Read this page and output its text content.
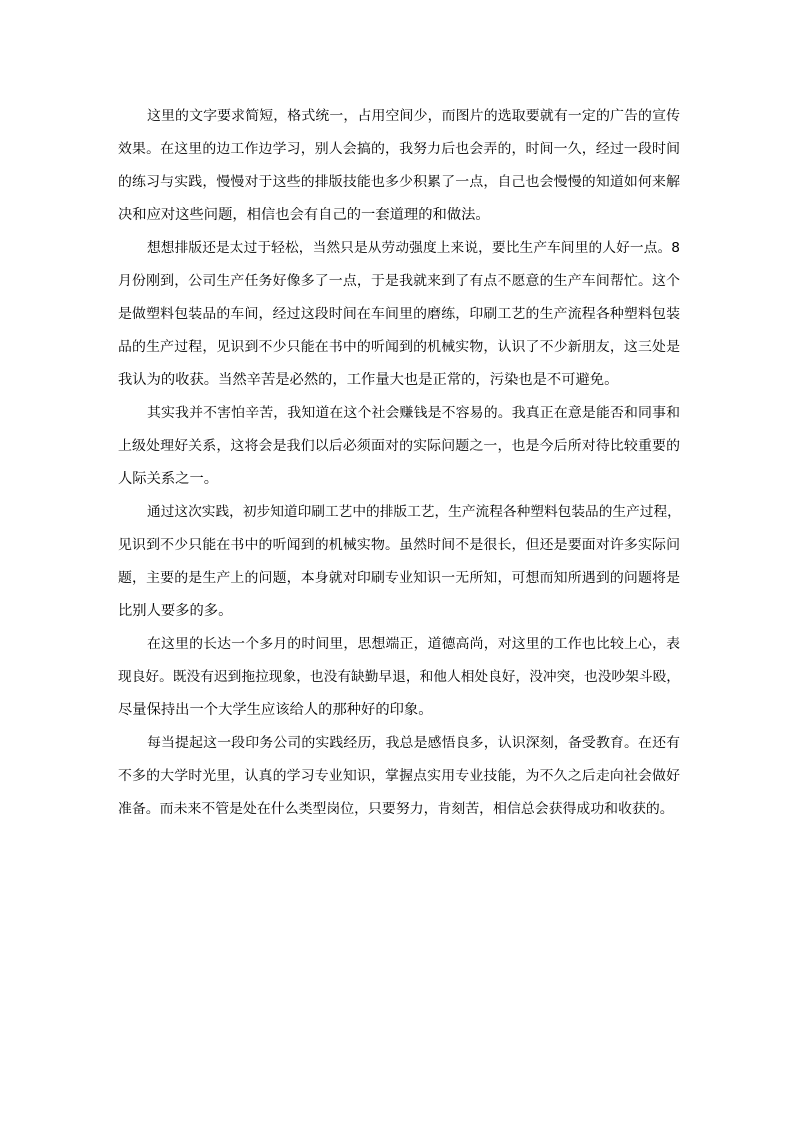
这里的文字要求简短，格式统一，占用空间少，而图片的选取要就有一定的广告的宣传
效果。在这里的边工作边学习，别人会搞的，我努力后也会弄的，时间一久，经过一段时间
的练习与实践，慢慢对于这些的排版技能也多少积累了一点，自己也会慢慢的知道如何来解
决和应对这些问题，相信也会有自己的一套道理的和做法。
想想排版还是太过于轻松，当然只是从劳动强度上来说，要比生产车间里的人好一点。8
月份刚到，公司生产任务好像多了一点，于是我就来到了有点不愿意的生产车间帮忙。这个
是做塑料包装品的车间，经过这段时间在车间里的磨练，印刷工艺的生产流程各种塑料包装
品的生产过程，见识到不少只能在书中的听闻到的机械实物，认识了不少新朋友，这三处是
我认为的收获。当然辛苦是必然的，工作量大也是正常的，污染也是不可避免。
其实我并不害怕辛苦，我知道在这个社会赚钱是不容易的。我真正在意是能否和同事和
上级处理好关系，这将会是我们以后必须面对的实际问题之一，也是今后所对待比较重要的
人际关系之一。
通过这次实践，初步知道印刷工艺中的排版工艺，生产流程各种塑料包装品的生产过程，
见识到不少只能在书中的听闻到的机械实物。虽然时间不是很长，但还是要面对许多实际问
题，主要的是生产上的问题，本身就对印刷专业知识一无所知，可想而知所遇到的问题将是
比别人要多的多。
在这里的长达一个多月的时间里，思想端正，道德高尚，对这里的工作也比较上心，表
现良好。既没有迟到拖拉现象，也没有缺勤早退，和他人相处良好，没冲突，也没吵架斗殴，
尽量保持出一个大学生应该给人的那种好的印象。
每当提起这一段印务公司的实践经历，我总是感悟良多，认识深刻，备受教育。在还有
不多的大学时光里，认真的学习专业知识，掌握点实用专业技能，为不久之后走向社会做好
准备。而未来不管是处在什么类型岗位，只要努力，肯刻苦，相信总会获得成功和收获的。
